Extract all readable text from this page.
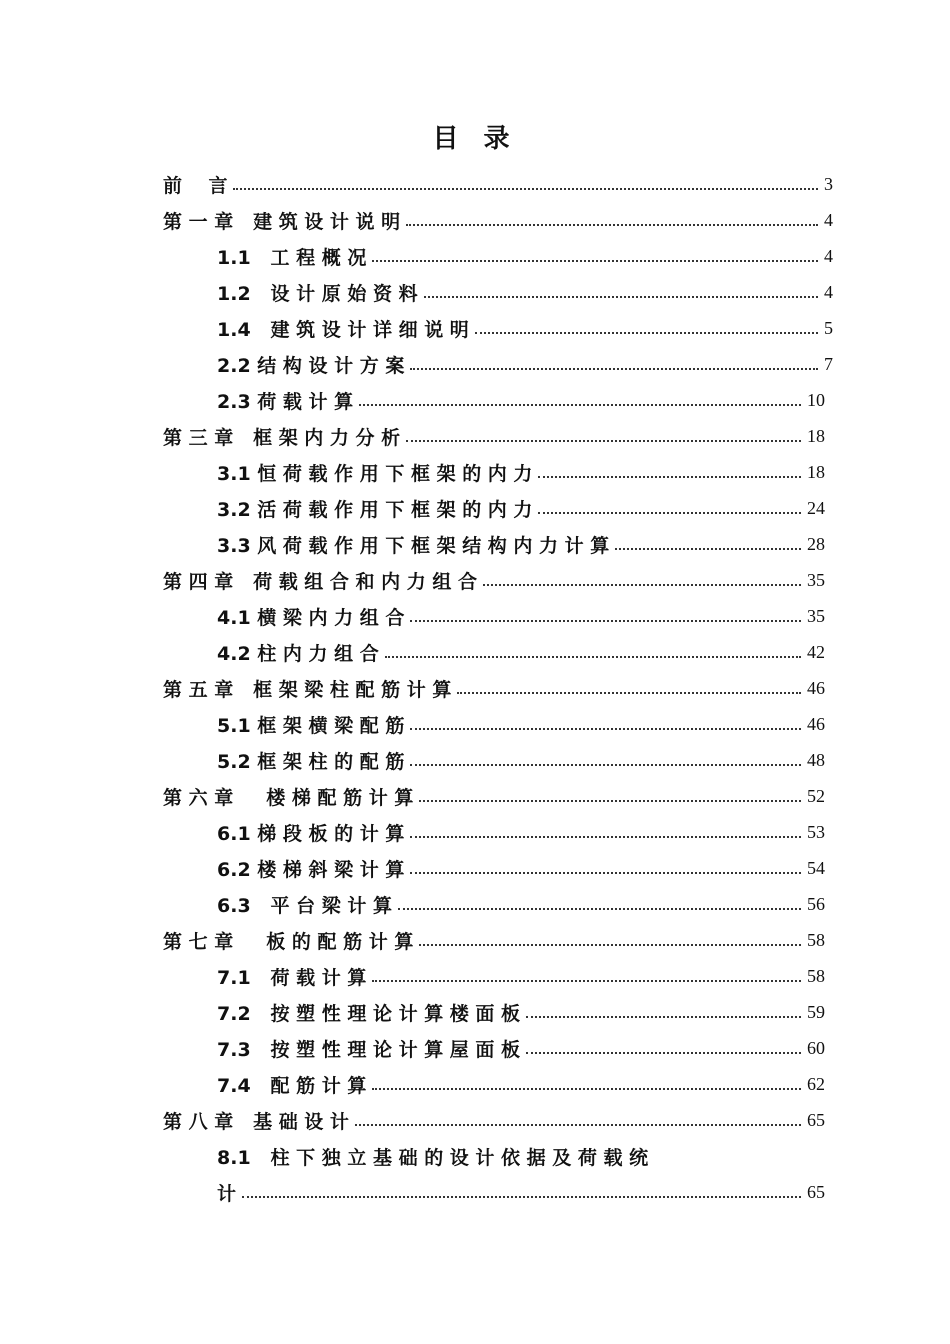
目 录
前    言	3
第 一 章   建 筑 设 计 说 明	4
1.1   工 程 概 况	4
1.2   设 计 原 始 资 料	4
1.4   建 筑 设 计 详 细 说 明	5
2.2 结 构 设 计 方 案	7
2.3 荷 载 计 算	10
第 三 章   框 架 内 力 分 析	18
3.1 恒 荷 载 作 用 下 框 架 的 内 力	18
3.2 活 荷 载 作 用 下 框 架 的 内 力	24
3.3 风 荷 载 作 用 下 框 架 结 构 内 力 计 算	28
第 四 章   荷 载 组 合 和 内 力 组 合	35
4.1 横 梁 内 力 组 合	35
4.2 柱 内 力 组 合	42
第 五 章   框 架 梁 柱 配 筋 计 算	46
5.1 框 架 横 梁 配 筋	46
5.2 框 架 柱 的 配 筋	48
第 六 章     楼 梯 配 筋 计 算	52
6.1 梯 段 板 的 计 算	53
6.2 楼 梯 斜 梁 计 算	54
6.3   平 台 梁 计 算	56
第 七 章     板 的 配 筋 计 算	58
7.1   荷 载 计 算	58
7.2   按 塑 性 理 论 计 算 楼 面 板	59
7.3   按 塑 性 理 论 计 算 屋 面 板	60
7.4   配 筋 计 算	62
第 八 章   基 础 设 计	65
8.1   柱 下 独 立 基 础 的 设 计 依 据 及 荷 载 统
计	65
